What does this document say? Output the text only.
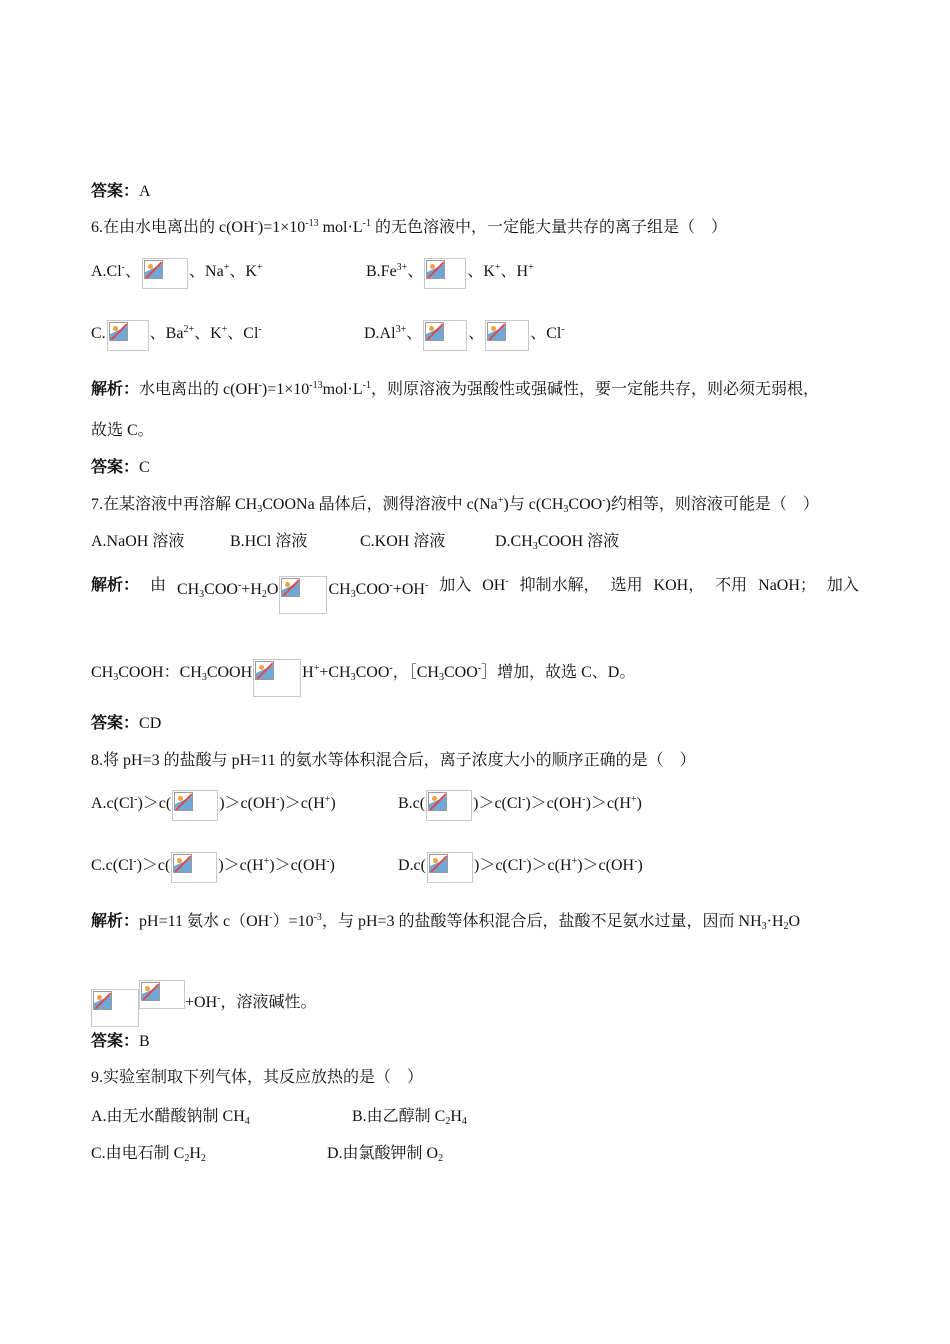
答案：A
6.在由水电离出的 $c(OH^-)=1\times 10^{-13}$ $mol\cdot L^{-1}$ 的无色溶液中，一定能大量共存的离子组是（　）
A.Cl-、	、Na+、K+	$B.Fe^{3+}$、	、K+、H+
C.	、$Ba^{2+}$、K+、Cl-	$D.Al^{3+}$、	、	、Cl-
解析：水电离出的 $c(OH^-)=1\times 10^{-13}mol\cdot L^{-1}$，则原溶液为强酸性或强碱性，要一定能共存，则必须无弱根，
故选 C。
答案：C
7.在某溶液中再溶解 $CH_3COONa$ 晶体后，测得溶液中 c(Na+)与 $c(CH_3COO^-)$约相等，则溶液可能是（　）
A.NaOH 溶液	B.HCl 溶液	C.KOH 溶液	$D.CH_3COOH$ 溶液
解析： 由 $CH_3COO^-+H_2O$	$CH_3COO^-+OH^-$ 加入 OH- 抑制水解， 选用 KOH， 不用 NaOH； 加入
$CH_3COOH$：$CH_3COOH$	$H^++CH_3COO^-$，$[CH_3COO^-]$增加，故选 C、D。
答案：CD
8.将 pH=3 的盐酸与 pH=11 的氨水等体积混合后，离子浓度大小的顺序正确的是（　）
A.c(Cl-)＞c(	)＞c(OH-)＞c(H+)	B.c(	)＞c(Cl-)＞c(OH-)＞c(H+)
C.c(Cl-)＞c(	)＞c(H+)＞c(OH-)	D.c(	)＞c(Cl-)＞c(H+)＞c(OH-)
解析：pH=11 氨水 $c(OH^-)=10^{-3}$，与 pH=3 的盐酸等体积混合后，盐酸不足氨水过量，因而 $NH_3\cdot H_2O$
+OH-，溶液碱性。
答案：B
9.实验室制取下列气体，其反应放热的是（　）
A.由无水醋酸钠制 $CH_4$	B.由乙醇制 $C_2H_4$
C.由电石制 $C_2H_2$	D.由氯酸钾制 $O_2$
